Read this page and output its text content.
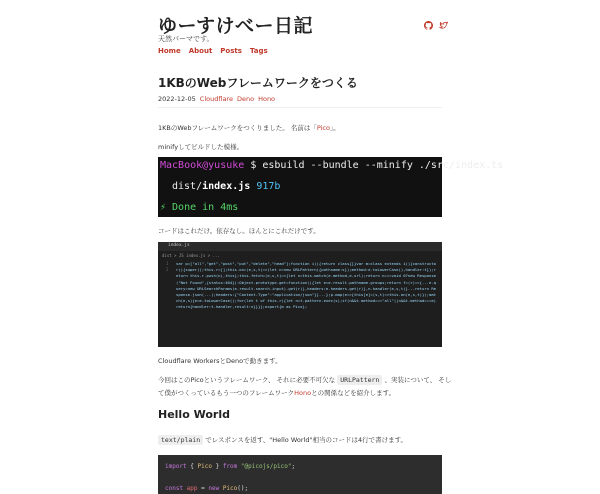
ゆーすけべー日記
天然パーマです。
Home About Posts Tags
1KBのWebフレームワークをつくる
2022-12-05 Cloudflare Deno Hono
1KBのWebフレームワークをつくりました。 名前は「Pico」。
minifyしてビルドした模様。
MacBook@yusuke $ esbuild --bundle --minify ./src/index.ts
dist/index.js 917b
⚡ Done in 4ms
コードはこれだけ。依存なし。ほんとにこれだけです。
index.js
dist > JS index.js > ...
1
2
var p=["all","get","post","put","delete","head"];function i(){return class{}}var m=class extends i(){constructor(){super();this.r=[];this.on=(e,s,t)=>(let n=new URLPattern({pathname:s});method:e.toLowerCase(),handler:t});return this.r.push(n),this};this.fetch=(e,s,t)=>{let n=this.match(e.method,e.url);return n===void 0?new Response("Not Found",{status:404}):Object.prototype.get=function(){let e=e.result.pathname.groups;return f=(r)=>{...e.query=new URLSearchParams(e.result.search.input).get(r)},headers:e.headers.get(r)},n.handler(e,s,t)}...return Response.json(...);headers:{"Content-Type":"application/json"}}...};p.map(e=>{this[e]=(s,t)=>this.on(e,s,t)});match(e,s){e=e.toLowerCase();for(let t of this.r){let n=t.pattern.exec(s);if(n&&t.method==="all"||n&&t.method===e)return{handler:t.handler,result:n}}}};export{m as Pico};
Cloudflare WorkersとDenoで動きます。
今回はこのPicoというフレームワーク、 それに必要不可欠な URLPattern 、実装について、 そし
て僕がつくっているもう一つのフレームワークHonoとの関係などを紹介します。
Hello World
text/plain でレスポンスを返す、"Hello World"相当のコードは4行で書けます。
import { Pico } from "@picojs/pico";
const app = new Pico();
